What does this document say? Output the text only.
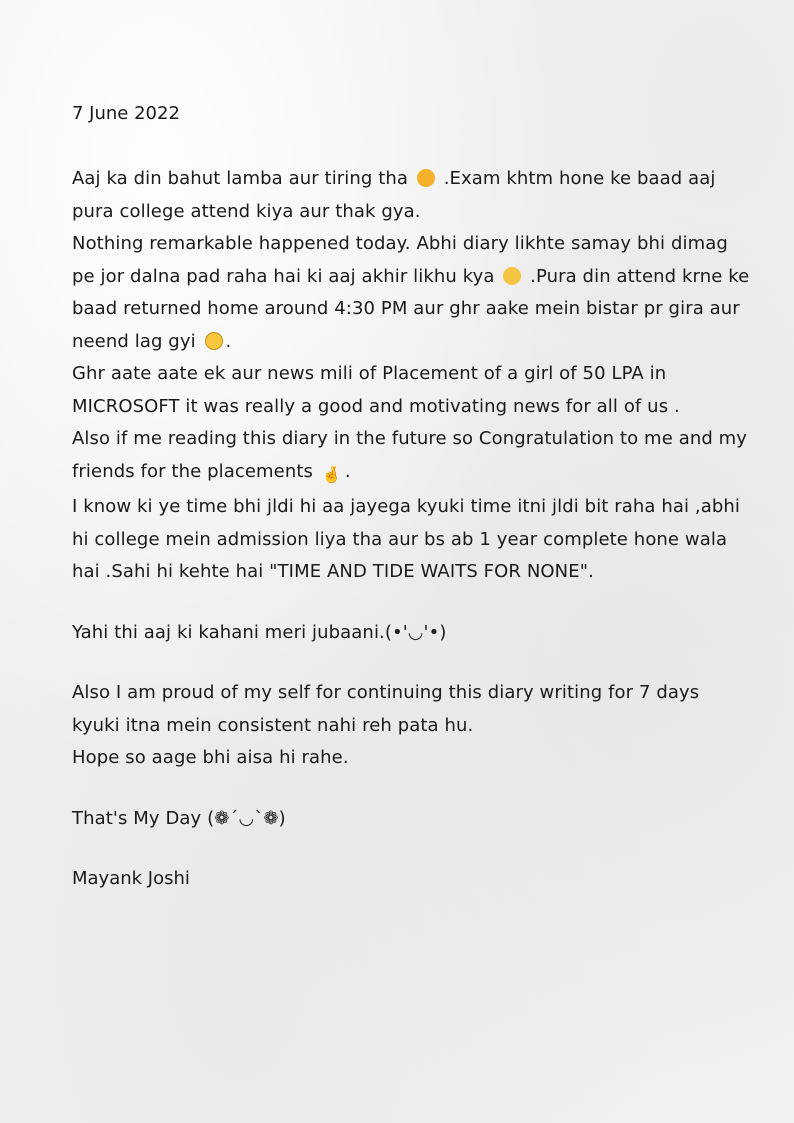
7 June 2022

Aaj ka din bahut lamba aur tiring tha .Exam khtm hone ke baad aaj pura college attend kiya aur thak gya.

Nothing remarkable happened today. Abhi diary likhte samay bhi dimag pe jor dalna pad raha hai ki aaj akhir likhu kya .Pura din attend krne ke baad returned home around 4:30 PM aur ghr aake mein bistar pr gira aur neend lag gyi .

Ghr aate aate ek aur news mili of Placement of a girl of 50 LPA in MICROSOFT it was really a good and motivating news for all of us .

Also if me reading this diary in the future so Congratulation to me and my friends for the placements 🤞 .

I know ki ye time bhi jldi hi aa jayega kyuki time itni jldi bit raha hai ,abhi hi college mein admission liya tha aur bs ab 1 year complete hone wala hai .Sahi hi kehte hai "TIME AND TIDE WAITS FOR NONE".

Yahi thi aaj ki kahani meri jubaani.(•'◡'•)

Also I am proud of my self for continuing this diary writing for 7 days kyuki itna mein consistent nahi reh pata hu.

Hope so aage bhi aisa hi rahe.

That's My Day (❁´◡`❁)

Mayank Joshi
